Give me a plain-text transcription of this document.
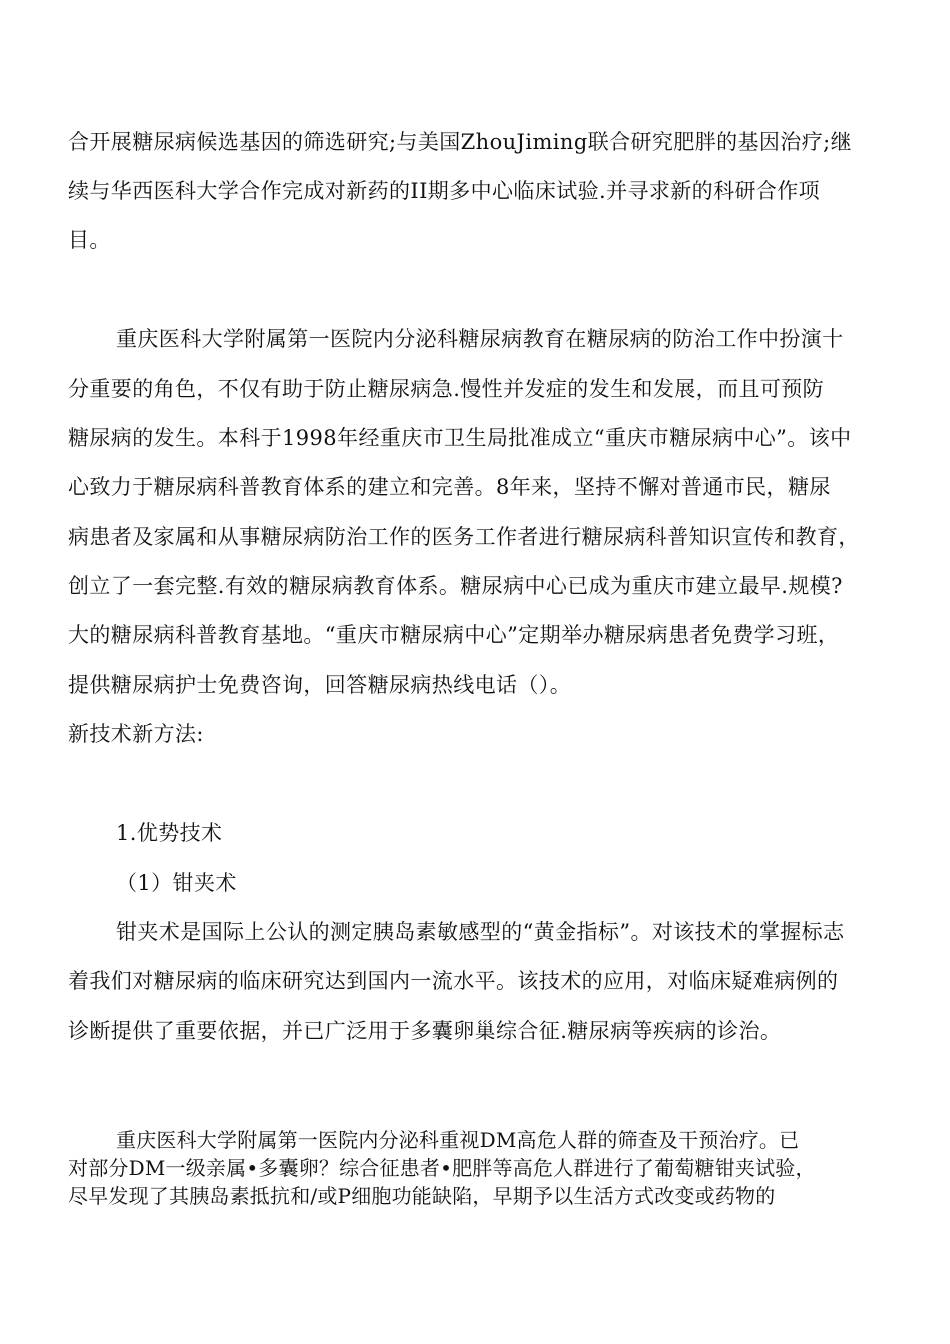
合开展糖尿病候选基因的筛选研究;与美国ZhouJiming联合研究肥胖的基因治疗;继
续与华西医科大学合作完成对新药的II期多中心临床试验.并寻求新的科研合作项
目。
重庆医科大学附属第一医院内分泌科糖尿病教育在糖尿病的防治工作中扮演十
分重要的角色，不仅有助于防止糖尿病急.慢性并发症的发生和发展，而且可预防
糖尿病的发生。本科于1998年经重庆市卫生局批准成立“重庆市糖尿病中心”。该中
心致力于糖尿病科普教育体系的建立和完善。8年来，坚持不懈对普通市民，糖尿
病患者及家属和从事糖尿病防治工作的医务工作者进行糖尿病科普知识宣传和教育，
创立了一套完整.有效的糖尿病教育体系。糖尿病中心已成为重庆市建立最早.规模?
大的糖尿病科普教育基地。“重庆市糖尿病中心”定期举办糖尿病患者免费学习班，
提供糖尿病护士免费咨询，回答糖尿病热线电话（）。
新技术新方法:
1.优势技术
（1）钳夹术
钳夹术是国际上公认的测定胰岛素敏感型的“黄金指标”。对该技术的掌握标志
着我们对糖尿病的临床研究达到国内一流水平。该技术的应用，对临床疑难病例的
诊断提供了重要依据，并已广泛用于多囊卵巢综合征.糖尿病等疾病的诊治。
重庆医科大学附属第一医院内分泌科重视DM高危人群的筛查及干预治疗。已
对部分DM一级亲属•多囊卵？综合征患者•肥胖等高危人群进行了葡萄糖钳夹试验，
尽早发现了其胰岛素抵抗和/或P细胞功能缺陷，早期予以生活方式改变或药物的
